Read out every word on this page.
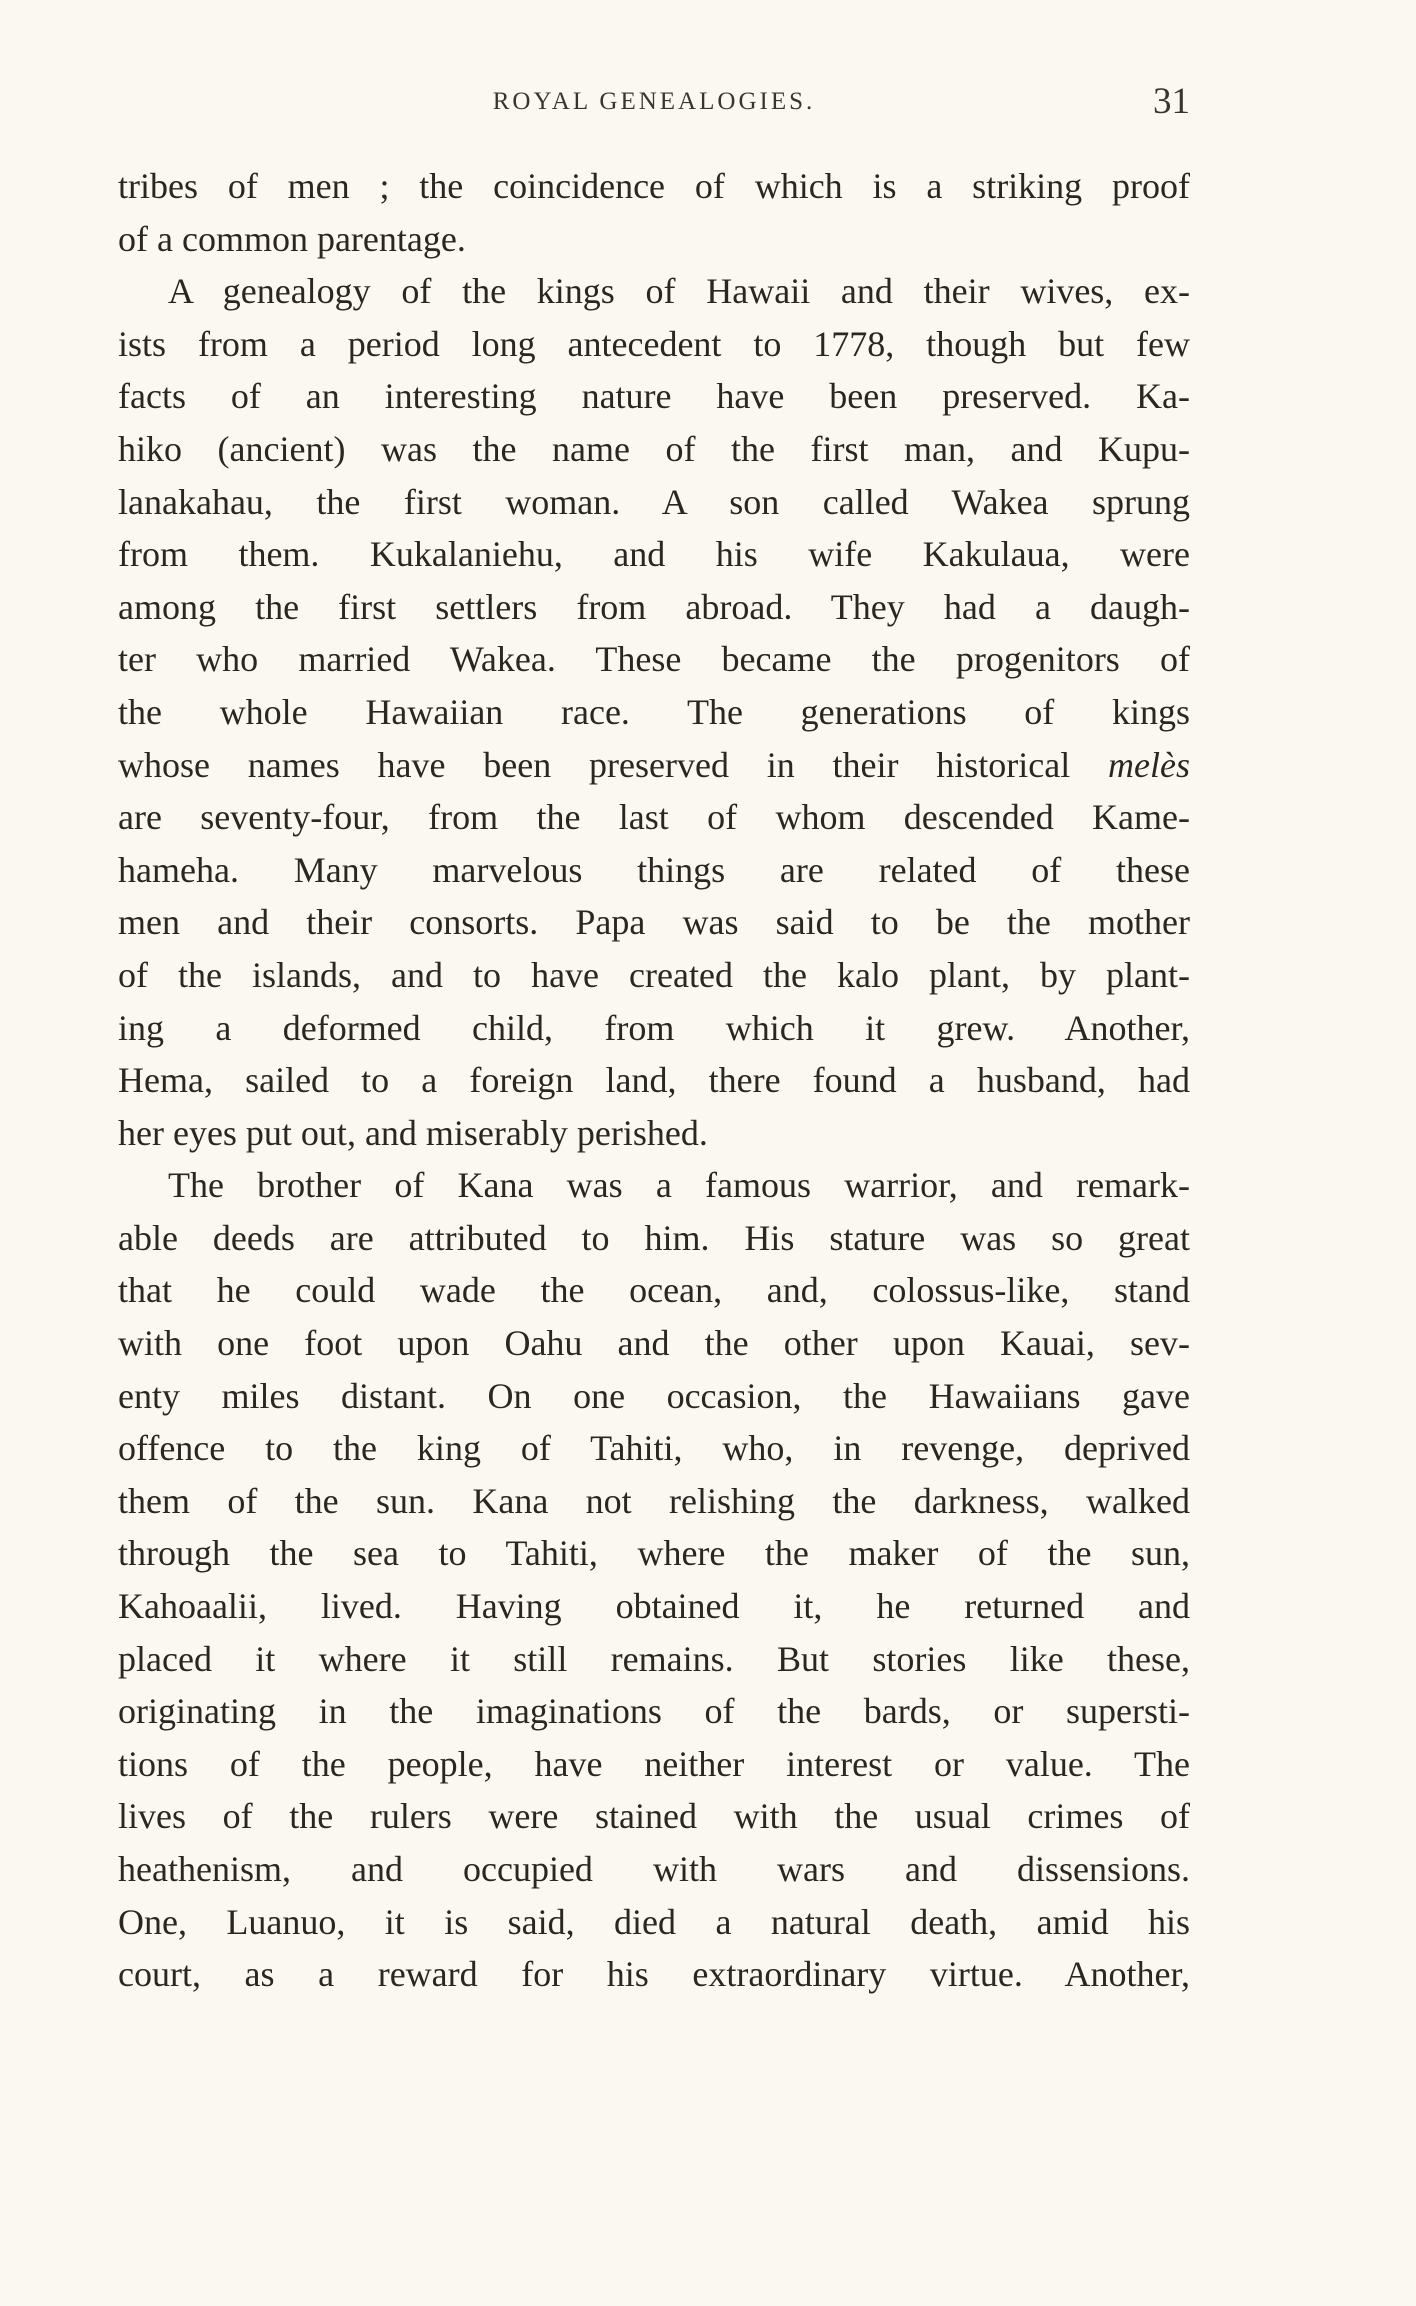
ROYAL GENEALOGIES.	31
tribes of men ; the coincidence of which is a striking proof
of a common parentage.
A genealogy of the kings of Hawaii and their wives, ex-
ists from a period long antecedent to 1778, though but few
facts of an interesting nature have been preserved. Ka-
hiko (ancient) was the name of the first man, and Kupu-
lanakahau, the first woman. A son called Wakea sprung
from them. Kukalaniehu, and his wife Kakulaua, were
among the first settlers from abroad. They had a daugh-
ter who married Wakea. These became the progenitors of
the whole Hawaiian race. The generations of kings
whose names have been preserved in their historical melès
are seventy-four, from the last of whom descended Kame-
hameha. Many marvelous things are related of these
men and their consorts. Papa was said to be the mother
of the islands, and to have created the kalo plant, by plant-
ing a deformed child, from which it grew. Another,
Hema, sailed to a foreign land, there found a husband, had
her eyes put out, and miserably perished.
The brother of Kana was a famous warrior, and remark-
able deeds are attributed to him. His stature was so great
that he could wade the ocean, and, colossus-like, stand
with one foot upon Oahu and the other upon Kauai, sev-
enty miles distant. On one occasion, the Hawaiians gave
offence to the king of Tahiti, who, in revenge, deprived
them of the sun. Kana not relishing the darkness, walked
through the sea to Tahiti, where the maker of the sun,
Kahoaalii, lived. Having obtained it, he returned and
placed it where it still remains. But stories like these,
originating in the imaginations of the bards, or supersti-
tions of the people, have neither interest or value. The
lives of the rulers were stained with the usual crimes of
heathenism, and occupied with wars and dissensions.
One, Luanuo, it is said, died a natural death, amid his
court, as a reward for his extraordinary virtue. Another,
